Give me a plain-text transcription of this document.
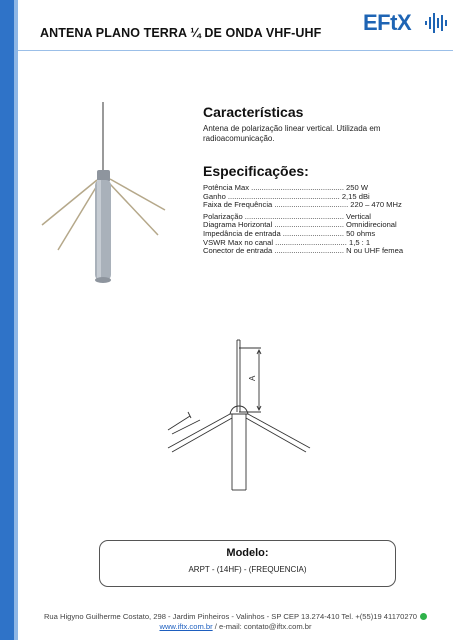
ANTENA PLANO TERRA ¼ DE ONDA VHF-UHF EFtX
Características
Antena de polarização linear vertical. Utilizada em radioacomunicação.
Especificações:
Potência Max ............................................ 250 W
Ganho ..................................................... 2,15 dBi
Faixa de Frequência ................................... 220 – 470 MHz
Polarização ............................................... Vertical
Diagrama Horizontal ................................. Omnidirecional
Impedância de entrada ............................. 50 ohms
VSWR Max no canal .................................. 1,5 : 1
Conector de entrada ................................. N ou UHF femea
A
Modelo:
ARPT - (14HF) - (FREQUENCIA)
Rua Higyno Guilherme Costato, 298 - Jardim Pinheiros - Valinhos - SP CEP 13.274-410 Tel. +(55)19 41170270
www.iftx.com.br / e-mail: contato@iftx.com.br
